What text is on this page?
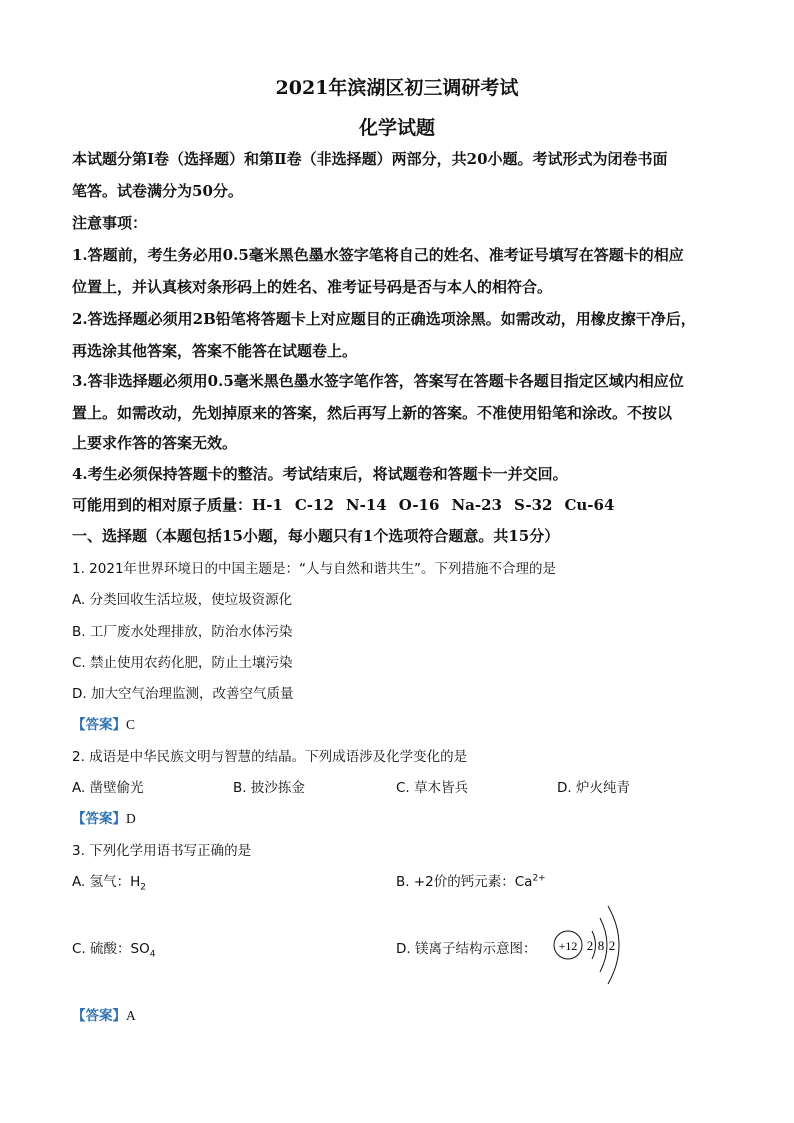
2021年滨湖区初三调研考试
化学试题
本试题分第Ⅰ卷（选择题）和第Ⅱ卷（非选择题）两部分，共20小题。考试形式为闭卷书面
笔答。试卷满分为50分。
注意事项：
1.答题前，考生务必用0.5毫米黑色墨水签字笔将自己的姓名、准考证号填写在答题卡的相应
位置上，并认真核对条形码上的姓名、准考证号码是否与本人的相符合。
2.答选择题必须用2B铅笔将答题卡上对应题目的正确选项涂黑。如需改动，用橡皮擦干净后，
再选涂其他答案，答案不能答在试题卷上。
3.答非选择题必须用0.5毫米黑色墨水签字笔作答，答案写在答题卡各题目指定区域内相应位
置上。如需改动，先划掉原来的答案，然后再写上新的答案。不准使用铅笔和涂改。不按以
上要求作答的答案无效。
4.考生必须保持答题卡的整洁。考试结束后，将试题卷和答题卡一并交回。
可能用到的相对原子质量：H-1 C-12 N-14 O-16 Na-23 S-32 Cu-64
一、选择题（本题包括15小题，每小题只有1个选项符合题意。共15分）
1. 2021年世界环境日的中国主题是：“人与自然和谐共生”。下列措施不合理的是
A. 分类回收生活垃圾，使垃圾资源化
B. 工厂废水处理排放，防治水体污染
C. 禁止使用农药化肥，防止土壤污染
D. 加大空气治理监测，改善空气质量
【答案】C
2. 成语是中华民族文明与智慧的结晶。下列成语涉及化学变化的是
A. 凿壁偷光	B. 披沙拣金	C. 草木皆兵	D. 炉火纯青
【答案】D
3. 下列化学用语书写正确的是
A. 氢气：$H_2$	B. +2价的钙元素：$Ca^{2+}$
C. 硫酸：$SO_4$	D. 镁离子结构示意图： +12 2 8 2
【答案】A
